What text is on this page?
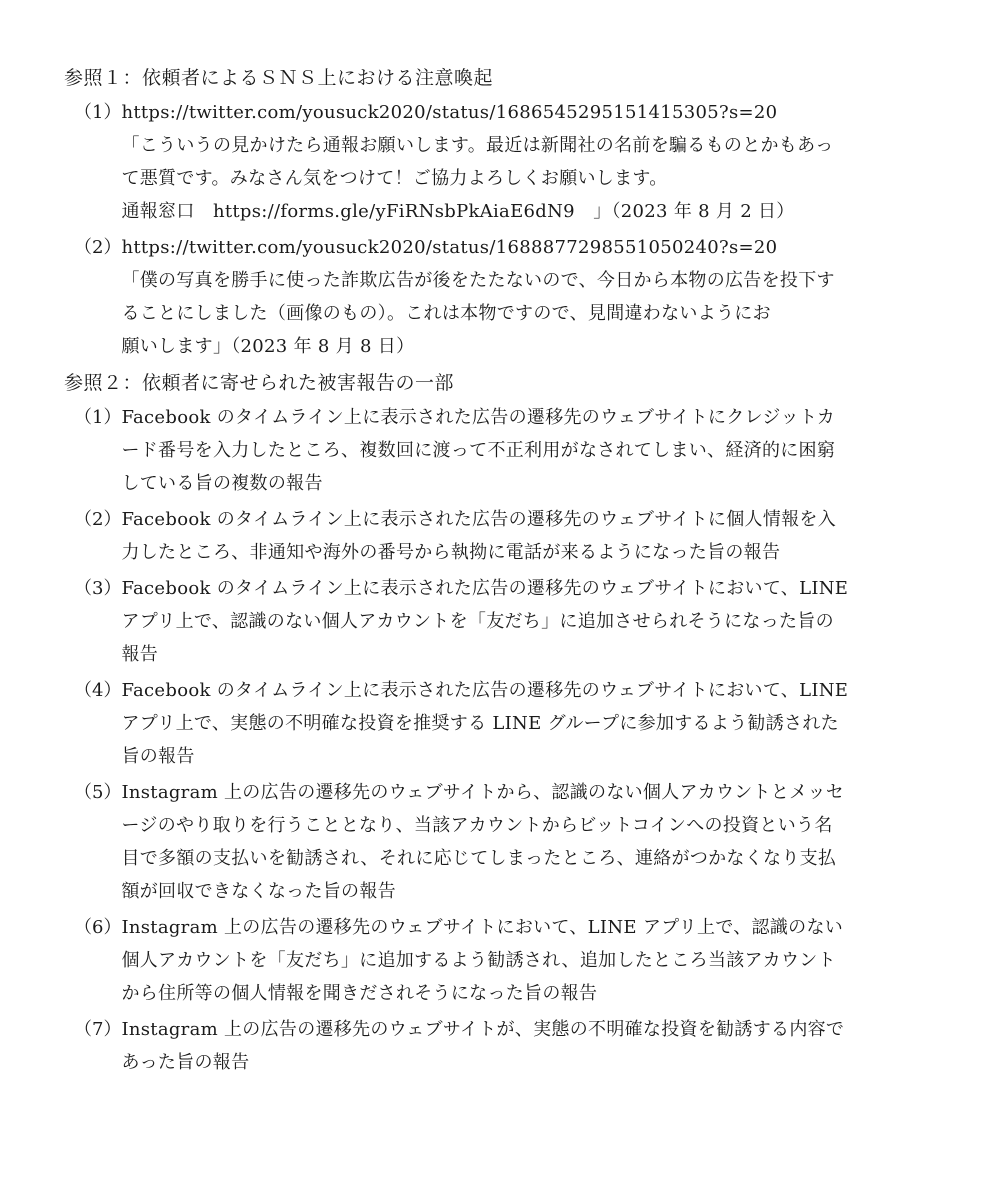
参照１：依頼者によるＳＮＳ上における注意喚起
（1） https://twitter.com/yousuck2020/status/1686545295151415305?s=20
「こういうの見かけたら通報お願いします。最近は新聞社の名前を騙るものとかもあっ
て悪質です。みなさん気をつけて！ご協力よろしくお願いします。
通報窓口　https://forms.gle/yFiRNsbPkAiaE6dN9　」（2023 年 8 月 2 日）
（2） https://twitter.com/yousuck2020/status/1688877298551050240?s=20
「僕の写真を勝手に使った詐欺広告が後をたたないので、今日から本物の広告を投下す
ることにしました（画像のもの）。これは本物ですので、見間違わないようにお
願いします」（2023 年 8 月 8 日）
参照２：依頼者に寄せられた被害報告の一部
（1） Facebook のタイムライン上に表示された広告の遷移先のウェブサイトにクレジットカ
ード番号を入力したところ、複数回に渡って不正利用がなされてしまい、経済的に困窮
している旨の複数の報告
（2） Facebook のタイムライン上に表示された広告の遷移先のウェブサイトに個人情報を入
力したところ、非通知や海外の番号から執拗に電話が来るようになった旨の報告
（3） Facebook のタイムライン上に表示された広告の遷移先のウェブサイトにおいて、LINE
アプリ上で、認識のない個人アカウントを「友だち」に追加させられそうになった旨の
報告
（4） Facebook のタイムライン上に表示された広告の遷移先のウェブサイトにおいて、LINE
アプリ上で、実態の不明確な投資を推奨する LINE グループに参加するよう勧誘された
旨の報告
（5） Instagram 上の広告の遷移先のウェブサイトから、認識のない個人アカウントとメッセ
ージのやり取りを行うこととなり、当該アカウントからビットコインへの投資という名
目で多額の支払いを勧誘され、それに応じてしまったところ、連絡がつかなくなり支払
額が回収できなくなった旨の報告
（6） Instagram 上の広告の遷移先のウェブサイトにおいて、LINE アプリ上で、認識のない
個人アカウントを「友だち」に追加するよう勧誘され、追加したところ当該アカウント
から住所等の個人情報を聞きだされそうになった旨の報告
（7） Instagram 上の広告の遷移先のウェブサイトが、実態の不明確な投資を勧誘する内容で
あった旨の報告
